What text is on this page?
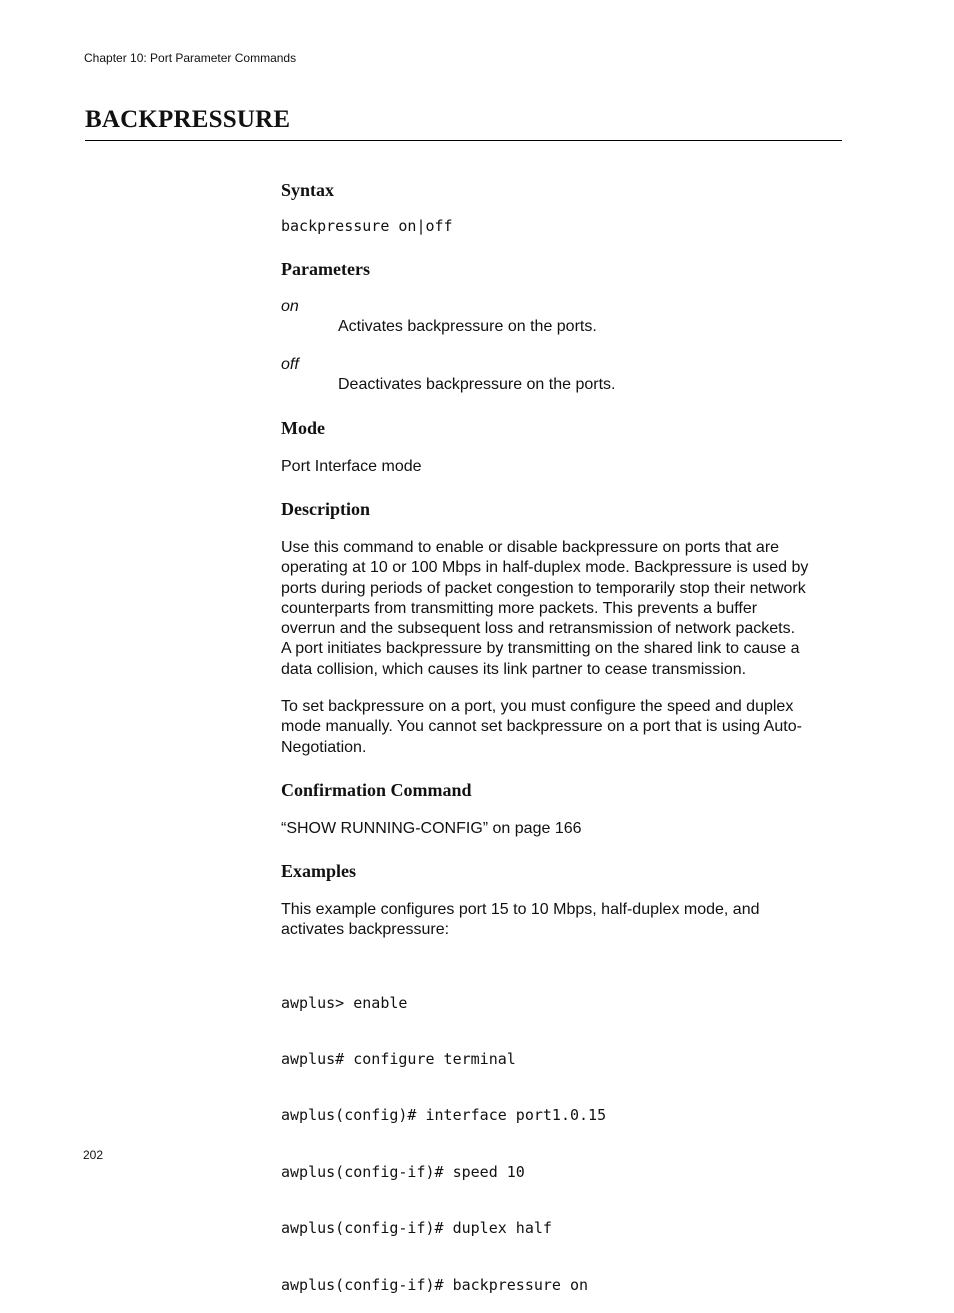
Chapter 10: Port Parameter Commands
BACKPRESSURE
Syntax
backpressure on|off
Parameters
on
Activates backpressure on the ports.
off
Deactivates backpressure on the ports.
Mode
Port Interface mode
Description
Use this command to enable or disable backpressure on ports that are
operating at 10 or 100 Mbps in half-duplex mode. Backpressure is used by
ports during periods of packet congestion to temporarily stop their network
counterparts from transmitting more packets. This prevents a buffer
overrun and the subsequent loss and retransmission of network packets.
A port initiates backpressure by transmitting on the shared link to cause a
data collision, which causes its link partner to cease transmission.
To set backpressure on a port, you must configure the speed and duplex
mode manually. You cannot set backpressure on a port that is using Auto-
Negotiation.
Confirmation Command
“SHOW RUNNING-CONFIG” on page 166
Examples
This example configures port 15 to 10 Mbps, half-duplex mode, and
activates backpressure:

awplus> enable

awplus# configure terminal

awplus(config)# interface port1.0.15

awplus(config-if)# speed 10

awplus(config-if)# duplex half

awplus(config-if)# backpressure on

202
